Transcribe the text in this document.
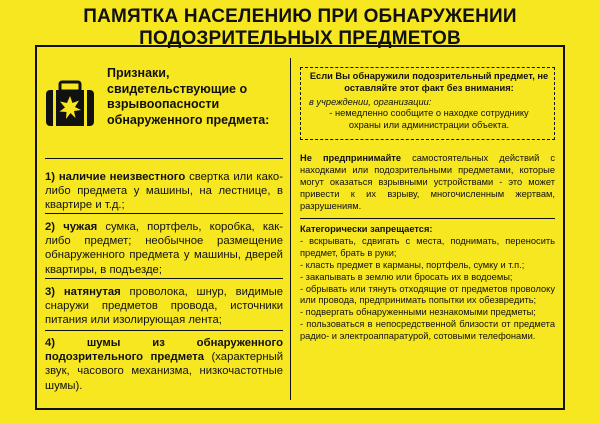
ПАМЯТКА НАСЕЛЕНИЮ ПРИ ОБНАРУЖЕНИИ
ПОДОЗРИТЕЛЬНЫХ ПРЕДМЕТОВ
Признаки, свидетельствующие о взрывоопасности обнаруженного предмета:
1) наличие неизвестного свертка или како-либо предмета у машины, на лестнице, в квартире и т.д.;
2) чужая сумка, портфель, коробка, как-либо предмет; необычное размещение обнаруженного предмета у машины, дверей квартиры, в подъезде;
3) натянутая проволока, шнур, видимые снаружи предметов провода, источники питания или изолирующая лента;
4) шумы из обнаруженного подозрительного предмета (характерный звук, часового механизма, низкочастотные шумы).
Если Вы обнаружили подозрительный предмет, не оставляйте этот факт без внимания:
в учреждении, организации:
- немедленно сообщите о находке сотруднику охраны или администрации объекта.
Не предпринимайте самостоятельных действий с находками или подозрительными предметами, которые могут оказаться взрывными устройствами - это может привести к их взрыву, многочисленным жертвам, разрушениям.
Категорически запрещается:
- вскрывать, сдвигать с места, поднимать, переносить предмет, брать в руки;
- класть предмет в карманы, портфель, сумку и т.п.;
- закапывать в землю или бросать их в водоемы;
- обрывать или тянуть отходящие от предметов проволоку или провода, предпринимать попытки их обезвредить;
- подвергать обнаруженными незнакомыми предметы;
- пользоваться в непосредственной близости от предмета радио- и электроаппаратурой, сотовыми телефонами.
